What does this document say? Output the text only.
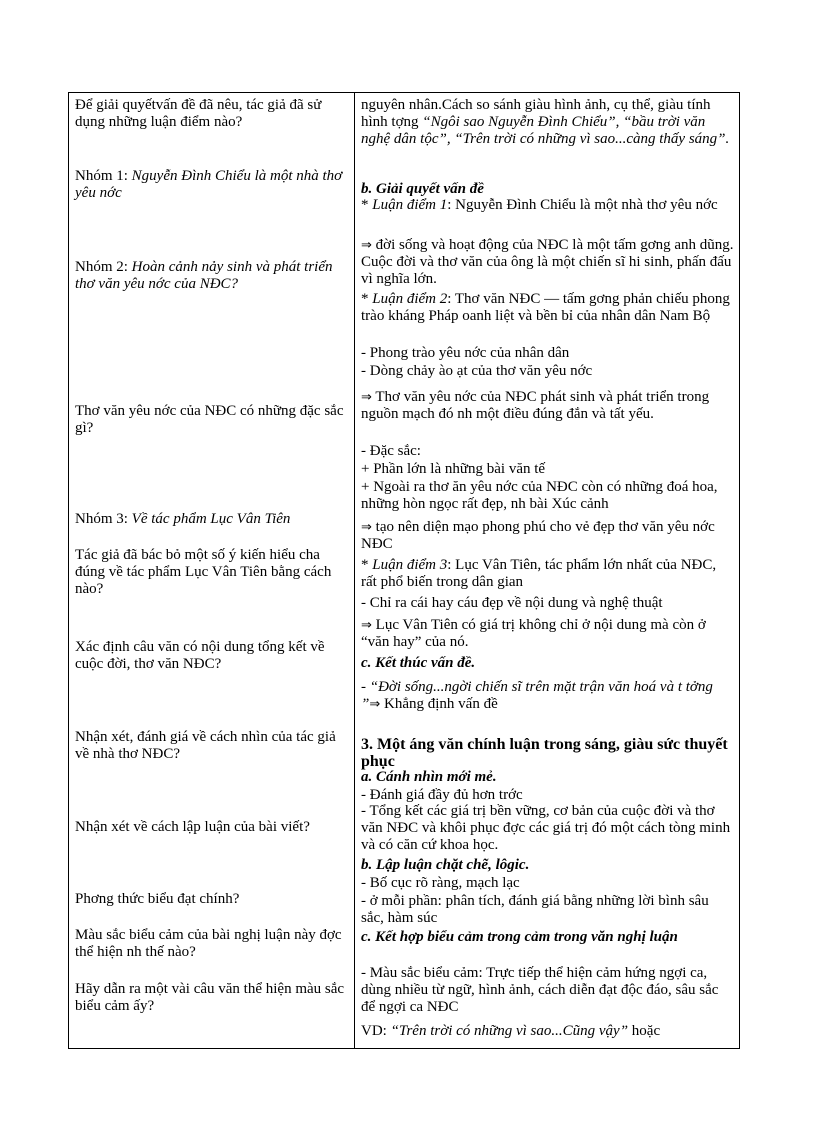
Để giải quyếtvấn đề đã nêu, tác giả đã sử dụng những luận điểm nào?
Nhóm 1: Nguyễn Đình Chiểu là một nhà thơ yêu nớc
Nhóm 2: Hoàn cảnh nảy sinh và phát triển thơ văn yêu nớc của NĐC?
Thơ văn yêu nớc của NĐC có những đặc sắc gì?
Nhóm 3: Về tác phẩm Lục Vân Tiên
Tác giả đã bác bỏ một số ý kiến hiểu cha đúng về tác phẩm Lục Vân Tiên bằng cách nào?
Xác định câu văn có nội dung tổng kết về cuộc đời, thơ văn NĐC?
Nhận xét, đánh giá về cách nhìn của tác giả về nhà thơ NĐC?
Nhận xét về cách lập luận của bài viết?
Phơng thức biểu đạt chính?
Màu sắc biểu cảm của bài nghị luận này đợc thể hiện nh thế nào?
Hãy dẫn ra một vài câu văn thể hiện màu sắc biểu cảm ấy?
nguyên nhân.Cách so sánh giàu hình ảnh, cụ thể, giàu tính hình tợng “Ngôi sao Nguyễn Đình Chiểu”, “bầu trời văn nghệ dân tộc”, “Trên trời có những vì sao...càng thấy sáng”.
b. Giải quyết vấn đề
* Luận điểm 1: Nguyễn Đình Chiểu là một nhà thơ yêu nớc
⇒ đời sống và hoạt động của NĐC là một tấm gơng anh dũng. Cuộc đời và thơ văn của ông là một chiến sĩ hi sinh, phấn đấu vì nghĩa lớn.
* Luận điểm 2: Thơ văn NĐC — tấm gơng phản chiếu phong trào kháng Pháp oanh liệt và bền bỉ của nhân dân Nam Bộ
- Phong trào yêu nớc của nhân dân
- Dòng chảy ào ạt của thơ văn yêu nớc
⇒ Thơ văn yêu nớc của NĐC phát sinh và phát triển trong nguồn mạch đó nh một điều đúng đắn và tất yếu.
- Đặc sắc:
+ Phần lớn là những bài văn tế
+ Ngoài ra thơ ăn yêu nớc của NĐC còn có những đoá hoa, những hòn ngọc rất đẹp, nh bài Xúc cảnh
⇒ tạo nên diện mạo phong phú cho vẻ đẹp thơ văn yêu nớc NĐC
* Luận điểm 3: Lục Vân Tiên, tác phẩm lớn nhất của NĐC, rất phổ biến trong dân gian
- Chỉ ra cái hay cáu đẹp về nội dung và nghệ thuật
⇒ Lục Vân Tiên có giá trị không chỉ ở nội dung mà còn ở “văn hay” của nó.
c. Kết thúc vấn đề.
- “Đời sống...ngời chiến sĩ trên mặt trận văn hoá và t tởng ”⇒ Khẳng định vấn đề
3. Một áng văn chính luận trong sáng, giàu sức thuyết phục
a. Cánh nhìn mới mẻ.
- Đánh giá đầy đủ hơn trớc
- Tổng kết các giá trị bền vững, cơ bản của cuộc đời và thơ văn NĐC và khôi phục đợc các giá trị đó một cách tòng minh và có căn cứ khoa học.
b. Lập luận chặt chẽ, lôgic.
- Bố cục rõ ràng, mạch lạc
- ở mỗi phần: phân tích, đánh giá bằng những lời bình sâu sắc, hàm súc
c. Kết hợp biểu cảm trong cảm trong văn nghị luận
- Màu sắc biểu cảm: Trực tiếp thể hiện cảm hứng ngợi ca, dùng nhiều từ ngữ, hình ảnh, cách diễn đạt độc đáo, sâu sắc để ngợi ca NĐC
VD: “Trên trời có những vì sao...Cũng vậy” hoặc
